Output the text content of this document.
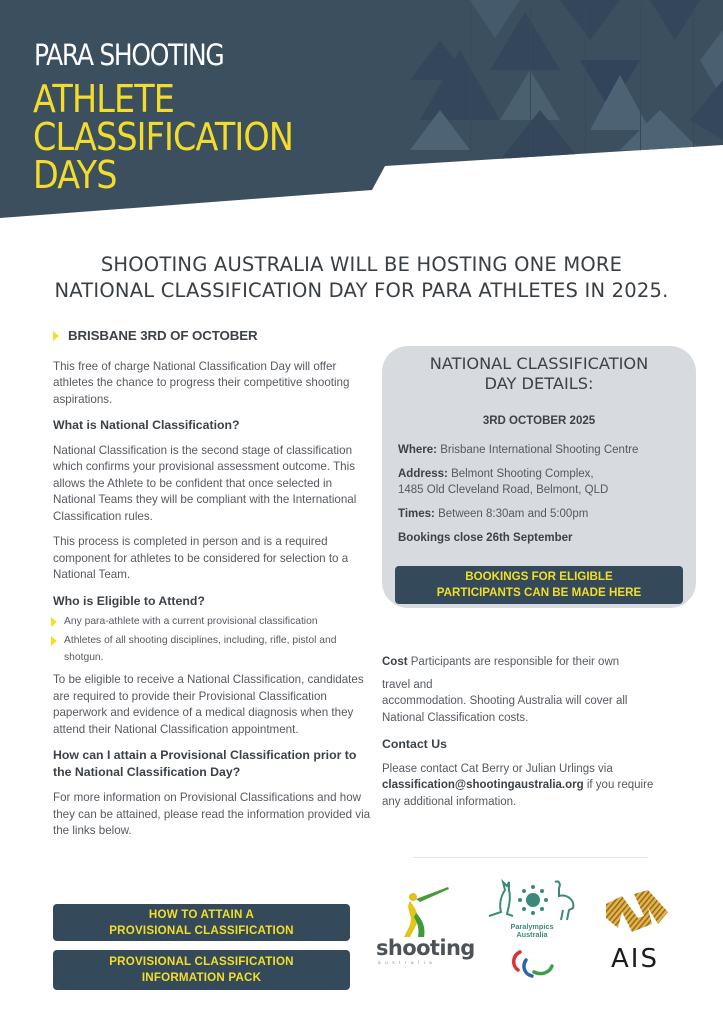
PARA SHOOTING
ATHLETE
CLASSIFICATION
DAYS
SHOOTING AUSTRALIA WILL BE HOSTING ONE MORE
NATIONAL CLASSIFICATION DAY FOR PARA ATHLETES IN 2025.
BRISBANE 3RD OF OCTOBER

This free of charge National Classification Day will offer athletes the chance to progress their competitive shooting aspirations.

What is National Classification?

National Classification is the second stage of classification which confirms your provisional assessment outcome. This allows the Athlete to be confident that once selected in National Teams they will be compliant with the International Classification rules.

This process is completed in person and is a required component for athletes to be considered for selection to a National Team.

Who is Eligible to Attend?
Any para-athlete with a current provisional classification
Athletes of all shooting disciplines, including, rifle, pistol and shotgun.

To be eligible to receive a National Classification, candidates are required to provide their Provisional Classification paperwork and evidence of a medical diagnosis when they attend their National Classification appointment.

How can I attain a Provisional Classification prior to the National Classification Day?

For more information on Provisional Classifications and how they can be attained, please read the information provided via the links below.

HOW TO ATTAIN A
PROVISIONAL CLASSIFICATION
PROVISIONAL CLASSIFICATION
INFORMATION PACK
NATIONAL CLASSIFICATION
DAY DETAILS:
3RD OCTOBER 2025
Where: Brisbane International Shooting Centre
Address: Belmont Shooting Complex,
1485 Old Cleveland Road, Belmont, QLD
Times: Between 8:30am and 5:00pm
Bookings close 26th September
BOOKINGS FOR ELIGIBLE
PARTICIPANTS CAN BE MADE HERE
Cost Participants are responsible for their own
travel and
accommodation. Shooting Australia will cover all National Classification costs.
Contact Us
Please contact Cat Berry or Julian Urlings via classification@shootingaustralia.org if you require any additional information.
shooting
australia
Paralympics
Australia
AIS
